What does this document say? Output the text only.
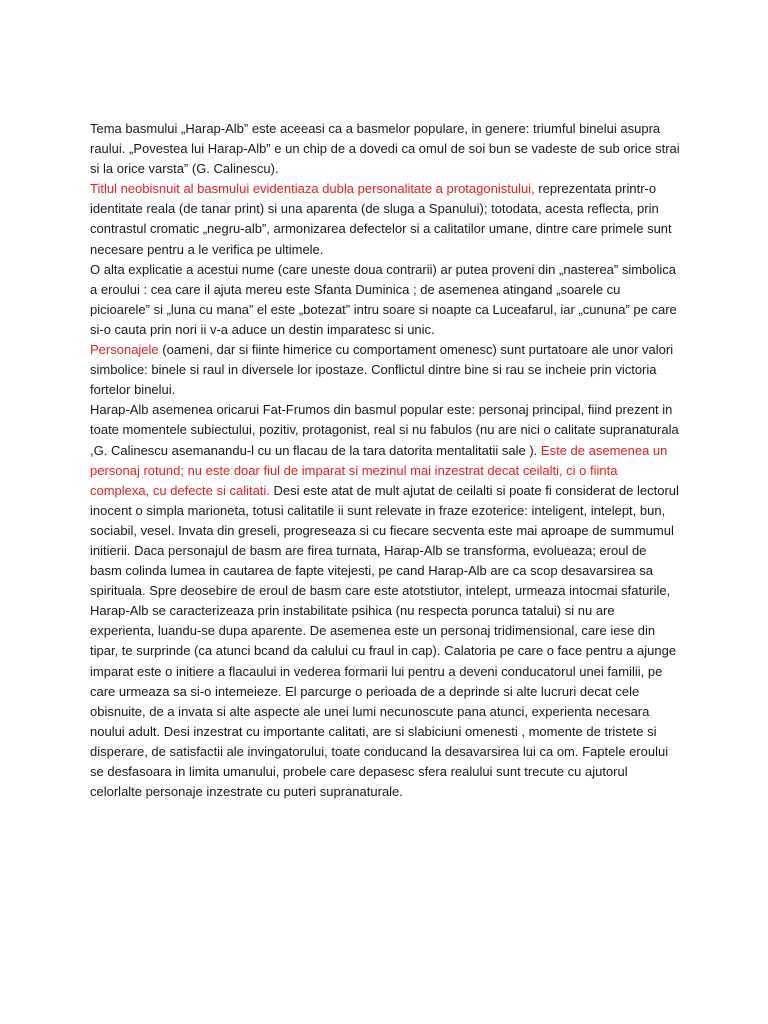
Tema basmului „Harap-Alb” este aceeasi ca a basmelor populare, in genere: triumful binelui asupra raului. „Povestea lui Harap-Alb” e un chip de a dovedi ca omul de soi bun se vadeste de sub orice strai si la orice varsta” (G. Calinescu).

Titlul neobisnuit al basmului evidentiaza dubla personalitate a protagonistului, reprezentata printr-o identitate reala (de tanar print) si una aparenta (de sluga a Spanului); totodata, acesta reflecta, prin contrastul cromatic „negru-alb”, armonizarea defectelor si a calitatilor umane, dintre care primele sunt necesare pentru a le verifica pe ultimele.

O alta explicatie a acestui nume (care uneste doua contrarii) ar putea proveni din „nasterea” simbolica a eroului : cea care il ajuta mereu este Sfanta Duminica ; de asemenea atingand „soarele cu picioarele” si „luna cu mana” el este „botezat” intru soare si noapte ca Luceafarul, iar „cununa” pe care si-o cauta prin nori ii v-a aduce un destin imparatesc si unic.

Personajele (oameni, dar si fiinte himerice cu comportament omenesc) sunt purtatoare ale unor valori simbolice: binele si raul in diversele lor ipostaze. Conflictul dintre bine si rau se incheie prin victoria fortelor binelui.

Harap-Alb asemenea oricarui Fat-Frumos din basmul popular este: personaj principal, fiind prezent in toate momentele subiectului, pozitiv, protagonist, real si nu fabulos (nu are nici o calitate supranaturala ,G. Calinescu asemanandu-l cu un flacau de la tara datorita mentalitatii sale ). Este de asemenea un personaj rotund; nu este doar fiul de imparat si mezinul mai inzestrat decat ceilalti, ci o fiinta complexa, cu defecte si calitati. Desi este atat de mult ajutat de ceilalti si poate fi considerat de lectorul inocent o simpla marioneta, totusi calitatile ii sunt relevate in fraze ezoterice: inteligent, intelept, bun, sociabil, vesel. Invata din greseli, progreseaza si cu fiecare secventa este mai aproape de summumul initierii. Daca personajul de basm are firea turnata, Harap-Alb se transforma, evolueaza; eroul de basm colinda lumea in cautarea de fapte vitejesti, pe cand Harap-Alb are ca scop desavarsirea sa spirituala. Spre deosebire de eroul de basm care este atotstiutor, intelept, urmeaza intocmai sfaturile, Harap-Alb se caracterizeaza prin instabilitate psihica (nu respecta porunca tatalui) si nu are experienta, luandu-se dupa aparente. De asemenea este un personaj tridimensional, care iese din tipar, te surprinde (ca atunci bcand da calului cu fraul in cap). Calatoria pe care o face pentru a ajunge imparat este o initiere a flacaului in vederea formarii lui pentru a deveni conducatorul unei familii, pe care urmeaza sa si-o intemeieze. El parcurge o perioada de a deprinde si alte lucruri decat cele obisnuite, de a invata si alte aspecte ale unei lumi necunoscute pana atunci, experienta necesara noului adult. Desi inzestrat cu importante calitati, are si slabiciuni omenesti , momente de tristete si disperare, de satisfactii ale invingatorului, toate conducand la desavarsirea lui ca om. Faptele eroului se desfasoara in limita umanului, probele care depasesc sfera realului sunt trecute cu ajutorul celorlalte personaje inzestrate cu puteri supranaturale.
